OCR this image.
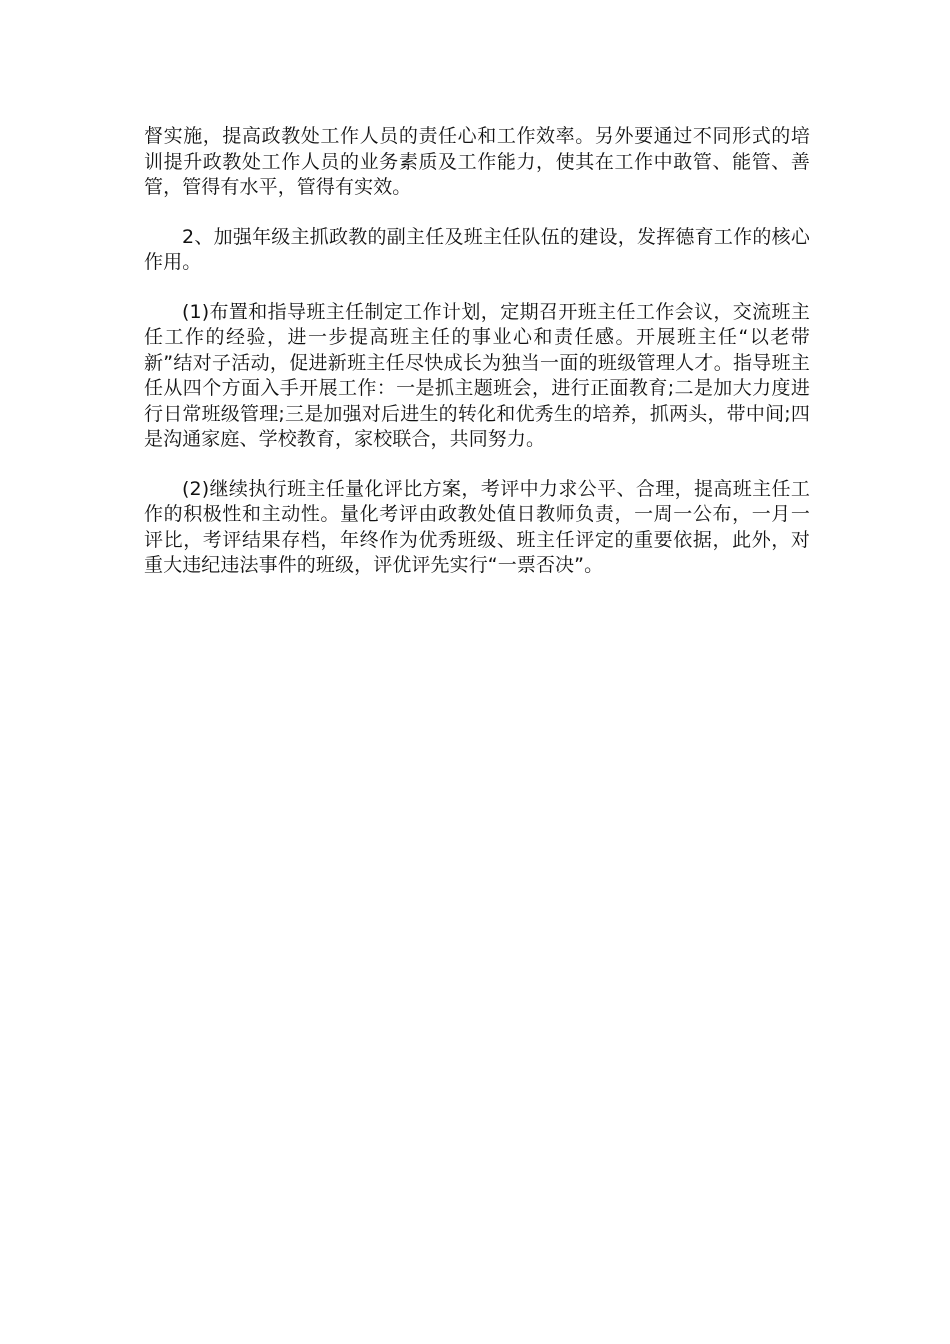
督实施，提高政教处工作人员的责任心和工作效率。另外要通过不同形式的培训提升政教处工作人员的业务素质及工作能力，使其在工作中敢管、能管、善管，管得有水平，管得有实效。

2、加强年级主抓政教的副主任及班主任队伍的建设，发挥德育工作的核心作用。

(1)布置和指导班主任制定工作计划，定期召开班主任工作会议，交流班主任工作的经验，进一步提高班主任的事业心和责任感。开展班主任“以老带新”结对子活动，促进新班主任尽快成长为独当一面的班级管理人才。指导班主任从四个方面入手开展工作：一是抓主题班会，进行正面教育;二是加大力度进行日常班级管理;三是加强对后进生的转化和优秀生的培养，抓两头，带中间;四是沟通家庭、学校教育，家校联合，共同努力。

(2)继续执行班主任量化评比方案，考评中力求公平、合理，提高班主任工作的积极性和主动性。量化考评由政教处值日教师负责，一周一公布，一月一评比，考评结果存档，年终作为优秀班级、班主任评定的重要依据，此外，对重大违纪违法事件的班级，评优评先实行“一票否决”。
